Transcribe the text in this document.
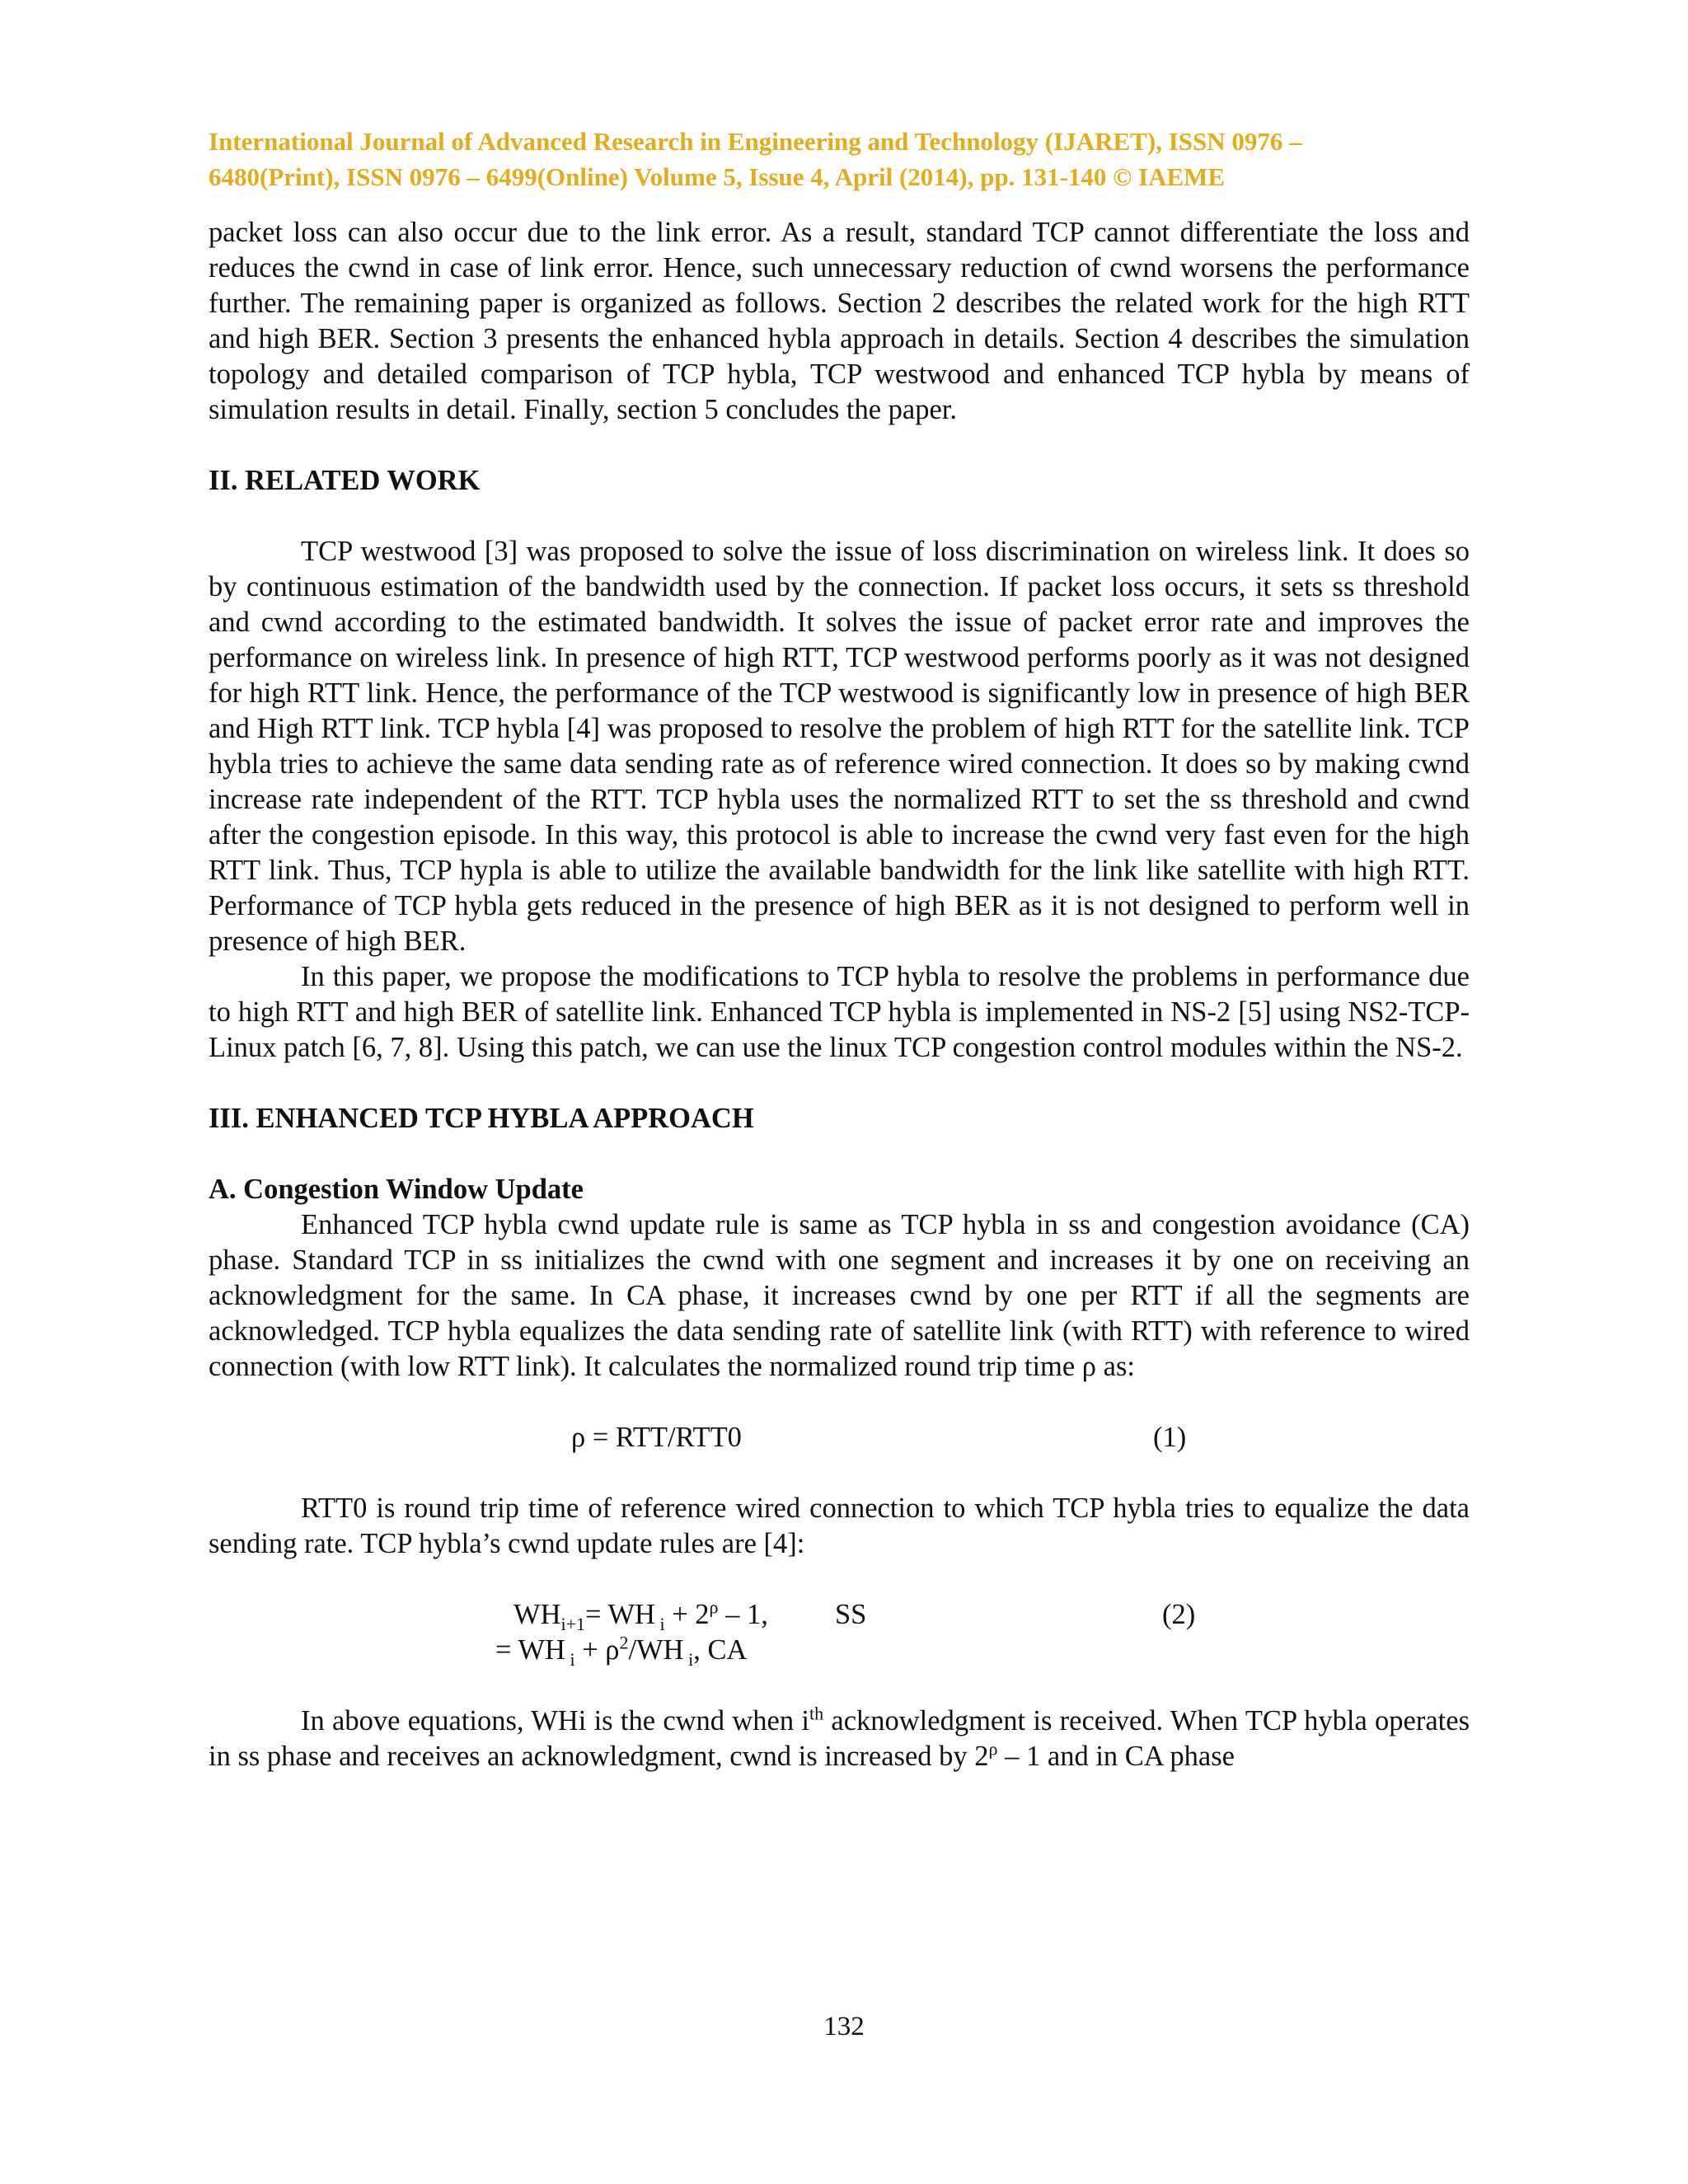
International Journal of Advanced Research in Engineering and Technology (IJARET), ISSN 0976 –
6480(Print), ISSN 0976 – 6499(Online) Volume 5, Issue 4, April (2014), pp. 131-140 © IAEME

packet loss can also occur due to the link error. As a result, standard TCP cannot differentiate the loss and reduces the cwnd in case of link error. Hence, such unnecessary reduction of cwnd worsens the performance further. The remaining paper is organized as follows. Section 2 describes the related work for the high RTT and high BER. Section 3 presents the enhanced hybla approach in details. Section 4 describes the simulation topology and detailed comparison of TCP hybla, TCP westwood and enhanced TCP hybla by means of simulation results in detail. Finally, section 5 concludes the paper.

II. RELATED WORK

TCP westwood [3] was proposed to solve the issue of loss discrimination on wireless link. It does so by continuous estimation of the bandwidth used by the connection. If packet loss occurs, it sets ss threshold and cwnd according to the estimated bandwidth. It solves the issue of packet error rate and improves the performance on wireless link. In presence of high RTT, TCP westwood performs poorly as it was not designed for high RTT link. Hence, the performance of the TCP westwood is significantly low in presence of high BER and High RTT link. TCP hybla [4] was proposed to resolve the problem of high RTT for the satellite link. TCP hybla tries to achieve the same data sending rate as of reference wired connection. It does so by making cwnd increase rate independent of the RTT. TCP hybla uses the normalized RTT to set the ss threshold and cwnd after the congestion episode. In this way, this protocol is able to increase the cwnd very fast even for the high RTT link. Thus, TCP hypla is able to utilize the available bandwidth for the link like satellite with high RTT. Performance of TCP hybla gets reduced in the presence of high BER as it is not designed to perform well in presence of high BER.

In this paper, we propose the modifications to TCP hybla to resolve the problems in performance due to high RTT and high BER of satellite link. Enhanced TCP hybla is implemented in NS-2 [5] using NS2-TCP-Linux patch [6, 7, 8]. Using this patch, we can use the linux TCP congestion control modules within the NS-2.

III. ENHANCED TCP HYBLA APPROACH
A. Congestion Window Update

Enhanced TCP hybla cwnd update rule is same as TCP hybla in ss and congestion avoidance (CA) phase. Standard TCP in ss initializes the cwnd with one segment and increases it by one on receiving an acknowledgment for the same. In CA phase, it increases cwnd by one per RTT if all the segments are acknowledged. TCP hybla equalizes the data sending rate of satellite link (with RTT) with reference to wired connection (with low RTT link). It calculates the normalized round trip time ρ as:

ρ = RTT/RTT0	(1)

RTT0 is round trip time of reference wired connection to which TCP hybla tries to equalize the data sending rate. TCP hybla’s cwnd update rules are [4]:

$WH_{i+1}=$ WH $_i + 2^\rho - 1$, SS	(2)
= WH $_i + \rho^2/WH$ $_i$, CA

In above equations, WHi is the cwnd when $i^{th}$ acknowledgment is received. When TCP hybla operates in ss phase and receives an acknowledgment, cwnd is increased by $2^\rho - 1$ and in CA phase

132
